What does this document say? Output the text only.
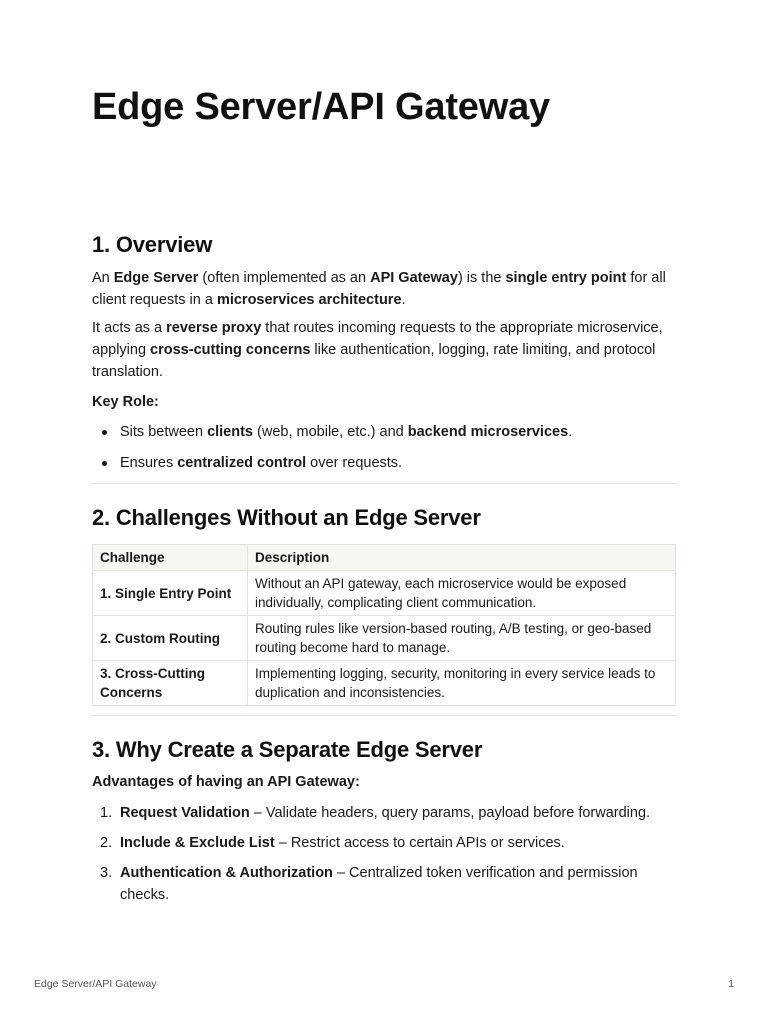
Edge Server/API Gateway
1. Overview

An Edge Server (often implemented as an API Gateway) is the single entry point for all client requests in a microservices architecture.

It acts as a reverse proxy that routes incoming requests to the appropriate microservice, applying cross-cutting concerns like authentication, logging, rate limiting, and protocol translation.

Key Role:
Sits between clients (web, mobile, etc.) and backend microservices.
Ensures centralized control over requests.
2. Challenges Without an Edge Server
Challenge	Description
1. Single Entry Point	Without an API gateway, each microservice would be exposed individually, complicating client communication.
2. Custom Routing	Routing rules like version-based routing, A/B testing, or geo-based routing become hard to manage.
3. Cross-Cutting Concerns	Implementing logging, security, monitoring in every service leads to duplication and inconsistencies.
3. Why Create a Separate Edge Server
Advantages of having an API Gateway:
1. Request Validation – Validate headers, query params, payload before forwarding.
2. Include & Exclude List – Restrict access to certain APIs or services.
3. Authentication & Authorization – Centralized token verification and permission checks.
Edge Server/API Gateway	1
